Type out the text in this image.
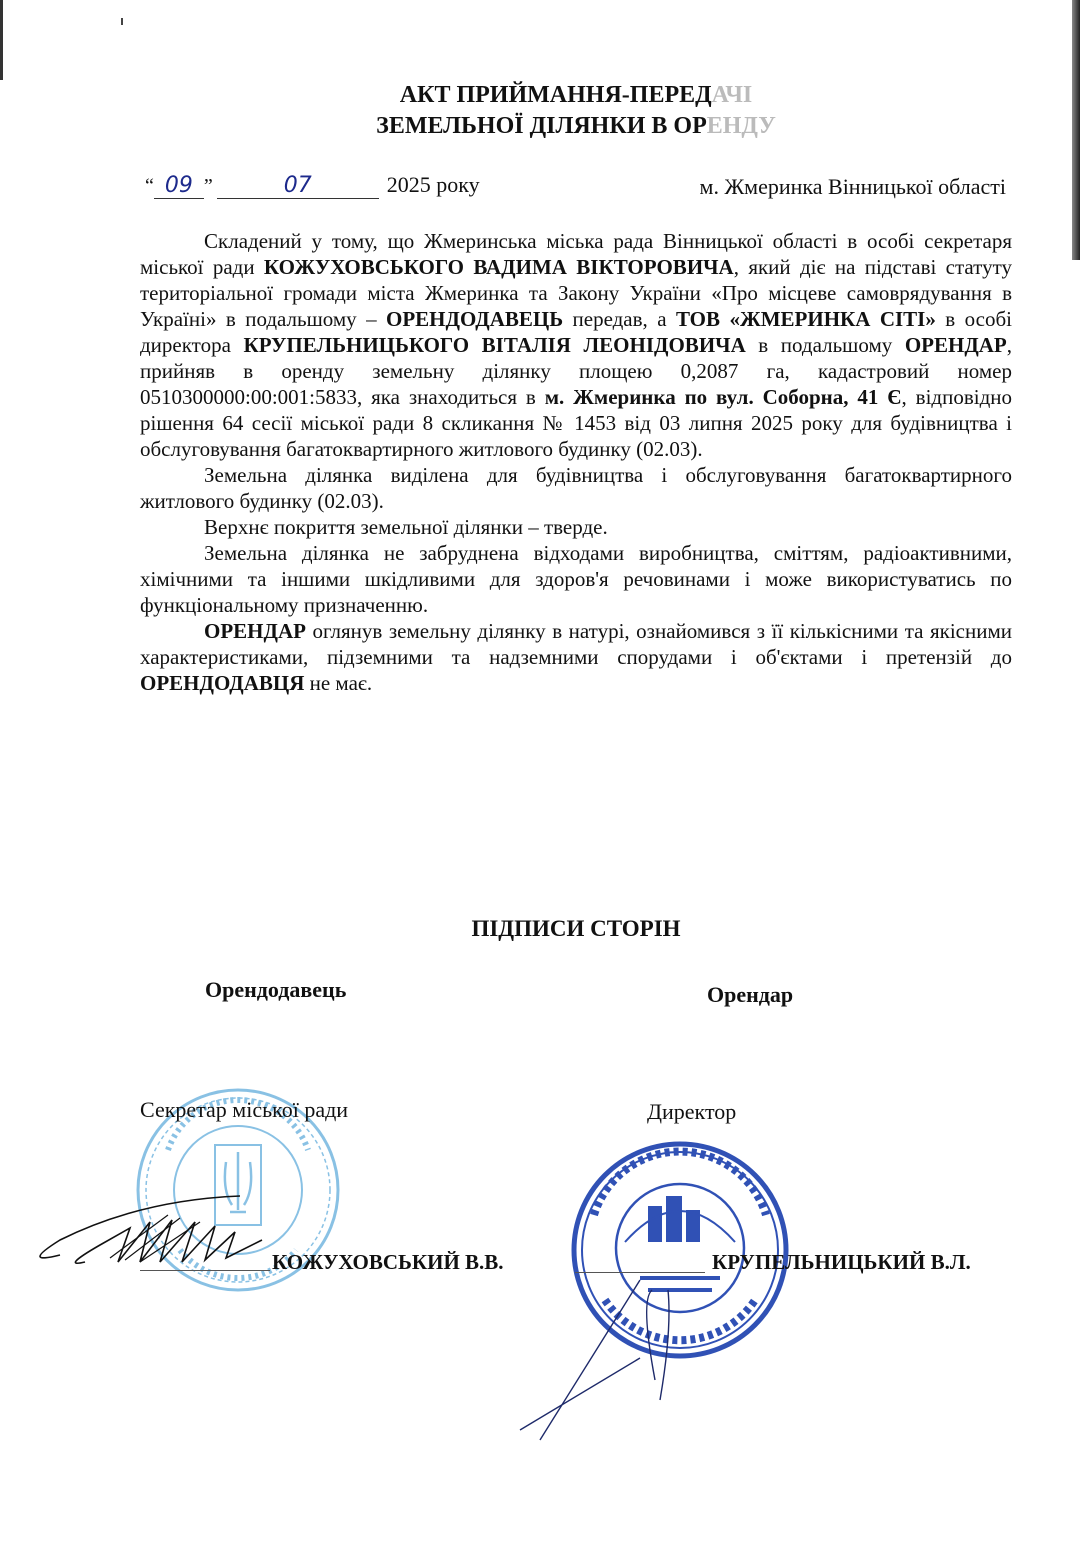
АКТ ПРИЙМАННЯ-ПЕРЕДАЧІ
ЗЕМЕЛЬНОЇ ДІЛЯНКИ В ОРЕНДУ
“ 09 ”	07	2025 року	м. Жмеринка Вінницької області

Складений у тому, що Жмеринська міська рада Вінницької області в особі секретаря міської ради КОЖУХОВСЬКОГО ВАДИМА ВІКТОРОВИЧА, який діє на підставі статуту територіальної громади міста Жмеринка та Закону України «Про місцеве самоврядування в Україні» в подальшому – ОРЕНДОДАВЕЦЬ передав, а ТОВ «ЖМЕРИНКА СІТІ» в особі директора КРУПЕЛЬНИЦЬКОГО ВІТАЛІЯ ЛЕОНІДОВИЧА в подальшому ОРЕНДАР, прийняв в оренду земельну ділянку площею 0,2087 га, кадастровий номер 0510300000:00:001:5833, яка знаходиться в м. Жмеринка по вул. Соборна, 41 Є, відповідно рішення 64 сесії міської ради 8 скликання № 1453 від 03 липня 2025 року для будівництва і обслуговування багатоквартирного житлового будинку (02.03).

Земельна ділянка виділена для будівництва і обслуговування багатоквартирного житлового будинку (02.03).

Верхнє покриття земельної ділянки – тверде.

Земельна ділянка не забруднена відходами виробництва, сміттям, радіоактивними, хімічними та іншими шкідливими для здоров'я речовинами і може використуватись по функціональному призначенню.

ОРЕНДАР оглянув земельну ділянку в натурі, ознайомився з її кількісними та якісними характеристиками, підземними та надземними спорудами і об'єктами і претензій до ОРЕНДОДАВЦЯ не має.

ПІДПИСИ СТОРІН
Орендодавець	Орендар
Секретар міської ради	Директор
КОЖУХОВСЬКИЙ В.В.	КРУПЕЛЬНИЦЬКИЙ В.Л.
